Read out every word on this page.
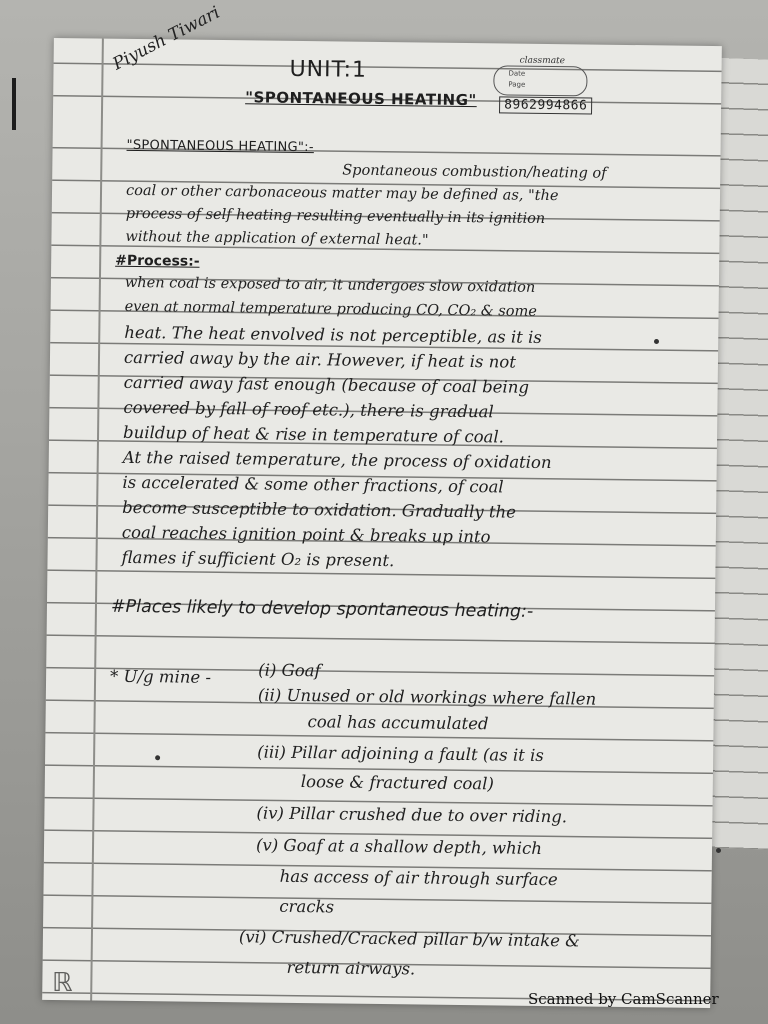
Piyush Tiwari	UNIT:1
"SPONTANEOUS HEATING"
classmate
Date
Page
8962994866
"SPONTANEOUS HEATING":-
Spontaneous combustion/heating of
coal or other carbonaceous matter may be defined as, "the
process of self heating resulting eventually in its ignition
without the application of external heat."
#Process:-
when coal is exposed to air, it undergoes slow oxidation
even at normal temperature producing CO, CO₂ & some
heat. The heat envolved is not perceptible, as it is
carried away by the air. However, if heat is not
carried away fast enough (because of coal being
covered by fall of roof etc.), there is gradual
buildup of heat & rise in temperature of coal.
At the raised temperature, the process of oxidation
is accelerated & some other fractions, of coal
become susceptible to oxidation. Gradually the
coal reaches ignition point & breaks up into
flames if sufficient O₂ is present.
#Places likely to develop spontaneous heating:-
* U/g mine -	(i) Goaf
(ii) Unused or old workings where fallen
coal has accumulated
(iii) Pillar adjoining a fault (as it is
loose & fractured coal)
(iv) Pillar crushed due to over riding.
(v) Goaf at a shallow depth, which
has access of air through surface
cracks
(vi) Crushed/Cracked pillar b/w intake &
return airways.
ℝ
Scanned by CamScanner
